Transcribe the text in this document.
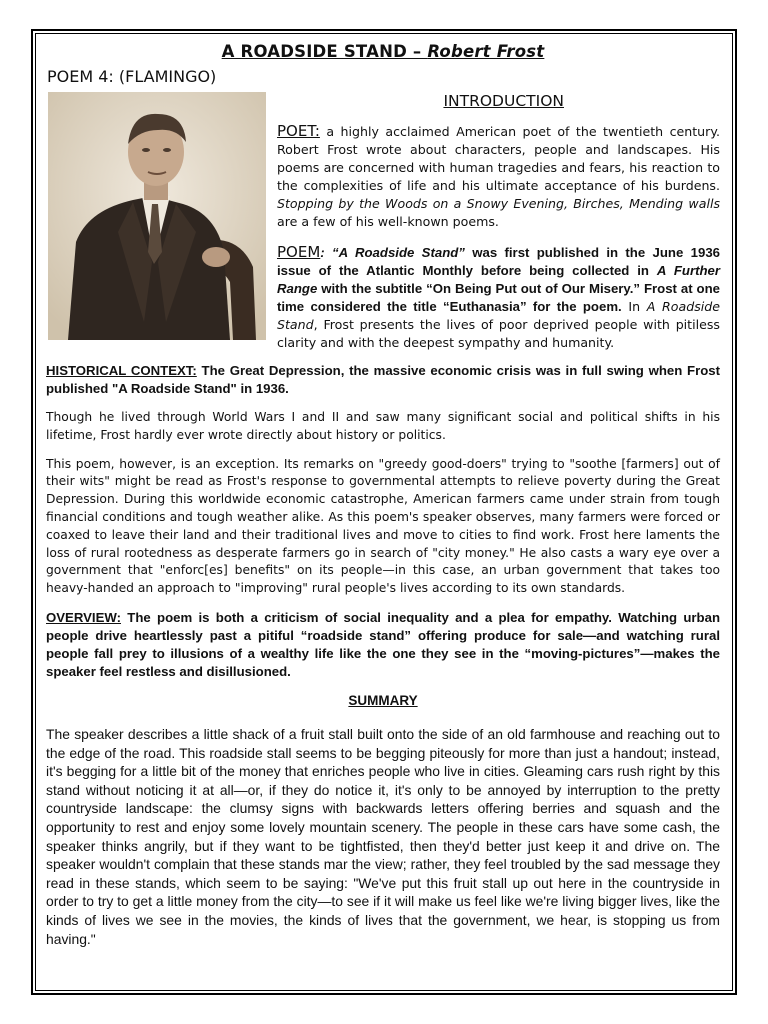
A ROADSIDE STAND – Robert Frost
POEM 4: (FLAMINGO)
INTRODUCTION

POET: a highly acclaimed American poet of the twentieth century. Robert Frost wrote about characters, people and landscapes. His poems are concerned with human tragedies and fears, his reaction to the complexities of life and his ultimate acceptance of his burdens. Stopping by the Woods on a Snowy Evening, Birches, Mending walls are a few of his well-known poems.

POEM: “A Roadside Stand” was first published in the June 1936 issue of the Atlantic Monthly before being collected in A Further Range with the subtitle “On Being Put out of Our Misery.” Frost at one time considered the title “Euthanasia” for the poem. In A Roadside Stand, Frost presents the lives of poor deprived people with pitiless clarity and with the deepest sympathy and humanity.

HISTORICAL CONTEXT: The Great Depression, the massive economic crisis was in full swing when Frost published "A Roadside Stand" in 1936.

Though he lived through World Wars I and II and saw many significant social and political shifts in his lifetime, Frost hardly ever wrote directly about history or politics.

This poem, however, is an exception. Its remarks on "greedy good-doers" trying to "soothe [farmers] out of their wits" might be read as Frost's response to governmental attempts to relieve poverty during the Great Depression. During this worldwide economic catastrophe, American farmers came under strain from tough financial conditions and tough weather alike. As this poem's speaker observes, many farmers were forced or coaxed to leave their land and their traditional lives and move to cities to find work. Frost here laments the loss of rural rootedness as desperate farmers go in search of "city money." He also casts a wary eye over a government that "enforc[es] benefits" on its people—in this case, an urban government that takes too heavy-handed an approach to "improving" rural people's lives according to its own standards.

OVERVIEW: The poem is both a criticism of social inequality and a plea for empathy. Watching urban people drive heartlessly past a pitiful “roadside stand” offering produce for sale—and watching rural people fall prey to illusions of a wealthy life like the one they see in the “moving-pictures”—makes the speaker feel restless and disillusioned.

SUMMARY

The speaker describes a little shack of a fruit stall built onto the side of an old farmhouse and reaching out to the edge of the road. This roadside stall seems to be begging piteously for more than just a handout; instead, it's begging for a little bit of the money that enriches people who live in cities. Gleaming cars rush right by this stand without noticing it at all—or, if they do notice it, it's only to be annoyed by interruption to the pretty countryside landscape: the clumsy signs with backwards letters offering berries and squash and the opportunity to rest and enjoy some lovely mountain scenery. The people in these cars have some cash, the speaker thinks angrily, but if they want to be tightfisted, then they'd better just keep it and drive on. The speaker wouldn't complain that these stands mar the view; rather, they feel troubled by the sad message they read in these stands, which seem to be saying: "We've put this fruit stall up out here in the countryside in order to try to get a little money from the city—to see if it will make us feel like we're living bigger lives, like the kinds of lives we see in the movies, the kinds of lives that the government, we hear, is stopping us from having."
